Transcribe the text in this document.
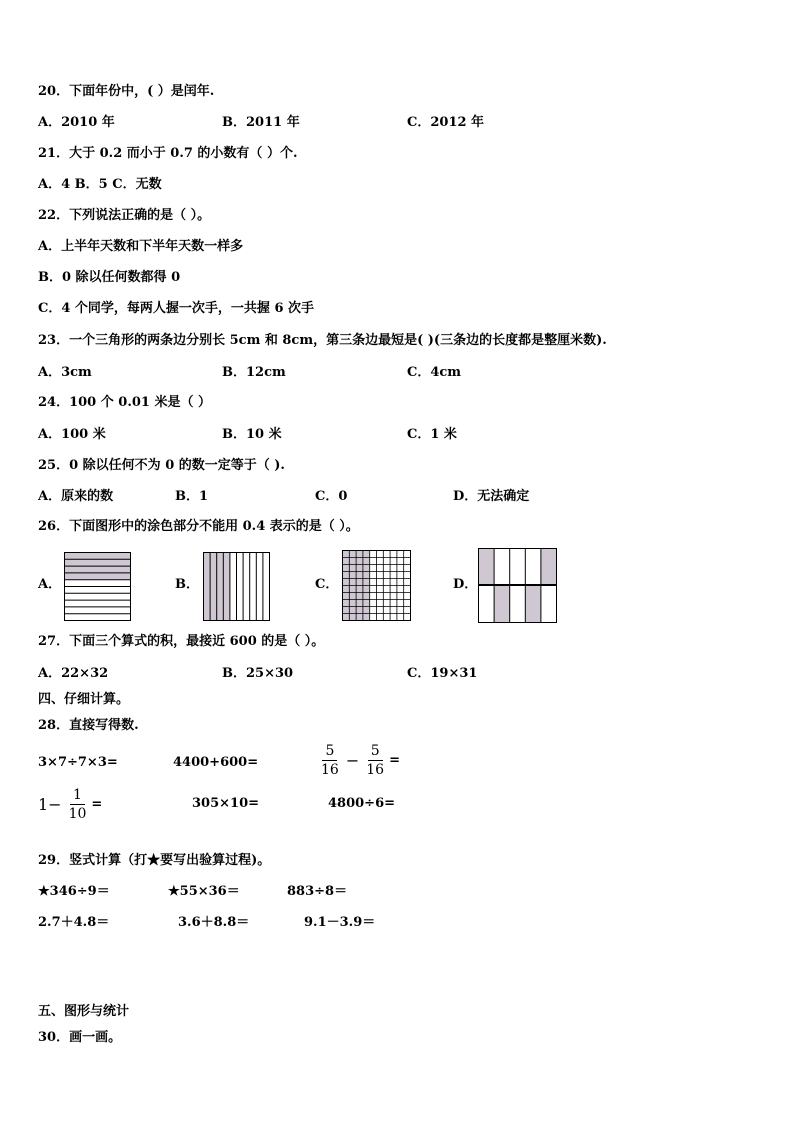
20．下面年份中，( ）是闰年.
A．2010 年	B．2011 年	C．2012 年
21．大于 0.2 而小于 0.7 的小数有（ ）个.
A．4 B．5 C．无数
22．下列说法正确的是（ ）。
A．上半年天数和下半年天数一样多
B．0 除以任何数都得 0
C．4 个同学，每两人握一次手，一共握 6 次手
23．一个三角形的两条边分别长 5cm 和 8cm，第三条边最短是( )(三条边的长度都是整厘米数).
A．3cm	B．12cm	C．4cm
24．100 个 0.01 米是（ ）
A．100 米	B．10 米	C．1 米
25．0 除以任何不为 0 的数一定等于（ ).
A．原来的数	B．1	C．0	D．无法确定
26．下面图形中的涂色部分不能用 0.4 表示的是（ ）。
A．	B．	C．	D．
27．下面三个算式的积，最接近 600 的是（ ）。
A．22×32	B．25×30	C．19×31
四、仔细计算。
28．直接写得数.
3×7÷7×3=	4400+600=	$\frac{5}{16} - \frac{5}{16}$ =
$1- \frac{1}{10}$ =	305×10=	4800÷6=
29．竖式计算（打★要写出验算过程)。
★346÷9＝	★55×36＝	883÷8＝
2.7＋4.8＝	3.6＋8.8＝	9.1－3.9＝
五、图形与统计
30．画一画。
